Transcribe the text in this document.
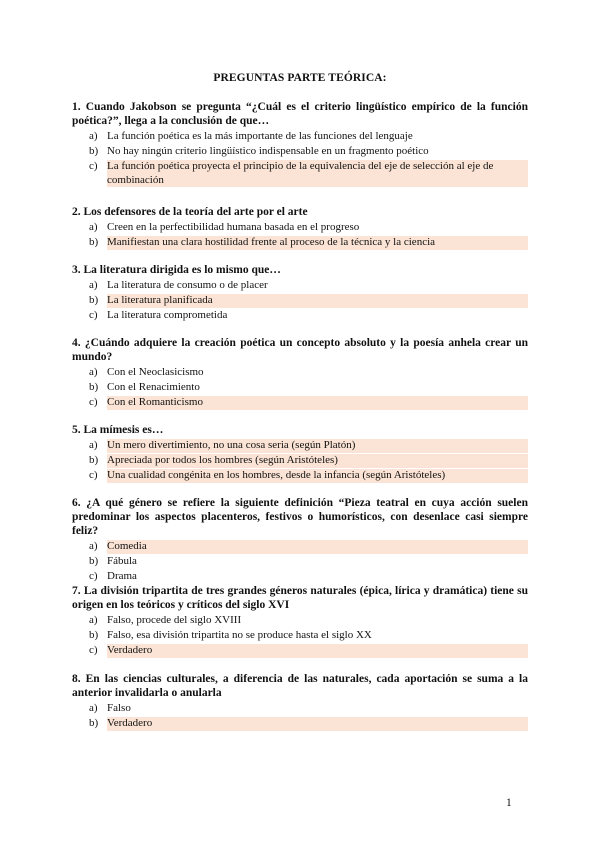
PREGUNTAS PARTE TEÓRICA:
1. Cuando Jakobson se pregunta “¿Cuál es el criterio lingüístico empírico de la función poética?”, llega a la conclusión de que…
a) La función poética es la más importante de las funciones del lenguaje
b) No hay ningún criterio lingüístico indispensable en un fragmento poético
c) La función poética proyecta el principio de la equivalencia del eje de selección al eje de combinación
2. Los defensores de la teoría del arte por el arte
a) Creen en la perfectibilidad humana basada en el progreso
b) Manifiestan una clara hostilidad frente al proceso de la técnica y la ciencia
3. La literatura dirigida es lo mismo que…
a) La literatura de consumo o de placer
b) La literatura planificada
c) La literatura comprometida
4. ¿Cuándo adquiere la creación poética un concepto absoluto y la poesía anhela crear un mundo?
a) Con el Neoclasicismo
b) Con el Renacimiento
c) Con el Romanticismo
5. La mímesis es…
a) Un mero divertimiento, no una cosa seria (según Platón)
b) Apreciada por todos los hombres (según Aristóteles)
c) Una cualidad congénita en los hombres, desde la infancia (según Aristóteles)
6. ¿A qué género se refiere la siguiente definición “Pieza teatral en cuya acción suelen predominar los aspectos placenteros, festivos o humorísticos, con desenlace casi siempre feliz?
a) Comedia
b) Fábula
c) Drama
7. La división tripartita de tres grandes géneros naturales (épica, lírica y dramática) tiene su origen en los teóricos y críticos del siglo XVI
a) Falso, procede del siglo XVIII
b) Falso, esa división tripartita no se produce hasta el siglo XX
c) Verdadero
8. En las ciencias culturales, a diferencia de las naturales, cada aportación se suma a la anterior invalidarla o anularla
a) Falso
b) Verdadero
1
